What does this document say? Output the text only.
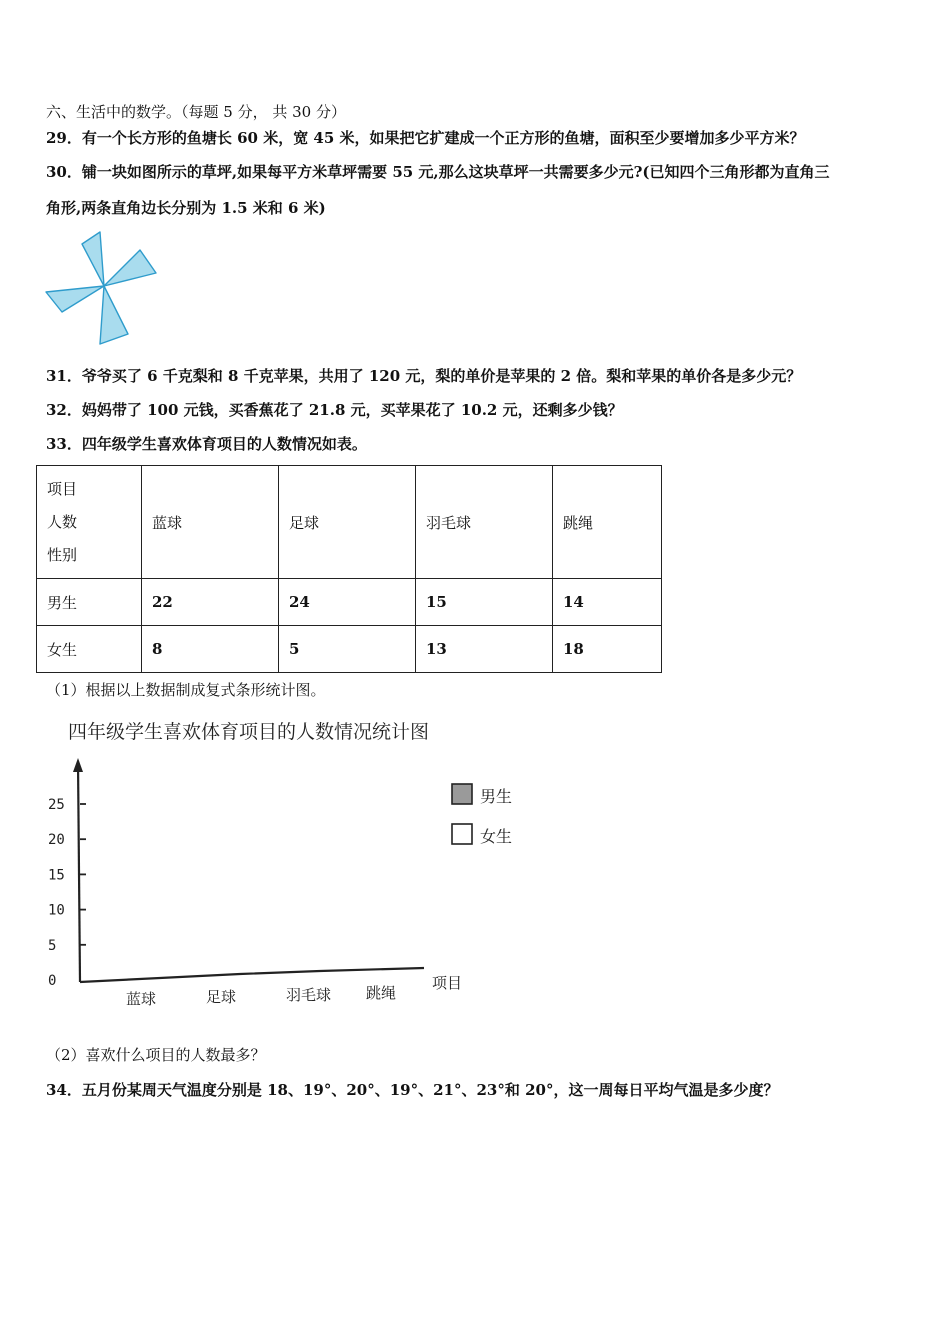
六、生活中的数学。（每题 5 分， 共 30 分）
29．有一个长方形的鱼塘长 60 米，宽 45 米，如果把它扩建成一个正方形的鱼塘，面积至少要增加多少平方米？
30．铺一块如图所示的草坪,如果每平方米草坪需要 55 元,那么这块草坪一共需要多少元?(已知四个三角形都为直角三
角形,两条直角边长分别为 1.5 米和 6 米)
31．爷爷买了 6 千克梨和 8 千克苹果，共用了 120 元，梨的单价是苹果的 2 倍。梨和苹果的单价各是多少元？
32．妈妈带了 100 元钱，买香蕉花了 21.8 元，买苹果花了 10.2 元，还剩多少钱？
33．四年级学生喜欢体育项目的人数情况如表。
项目
人数
性别	蓝球	足球	羽毛球	跳绳
男生	22	24	15	14
女生	8	5	13	18
（1）根据以上数据制成复式条形统计图。
四年级学生喜欢体育项目的人数情况统计图
项目
0
5
10
15
20
25
蓝球	足球	羽毛球 跳绳
男生
女生
（2）喜欢什么项目的人数最多？
34．五月份某周天气温度分别是 18、19°、20°、19°、21°、23°和 20°，这一周每日平均气温是多少度？
